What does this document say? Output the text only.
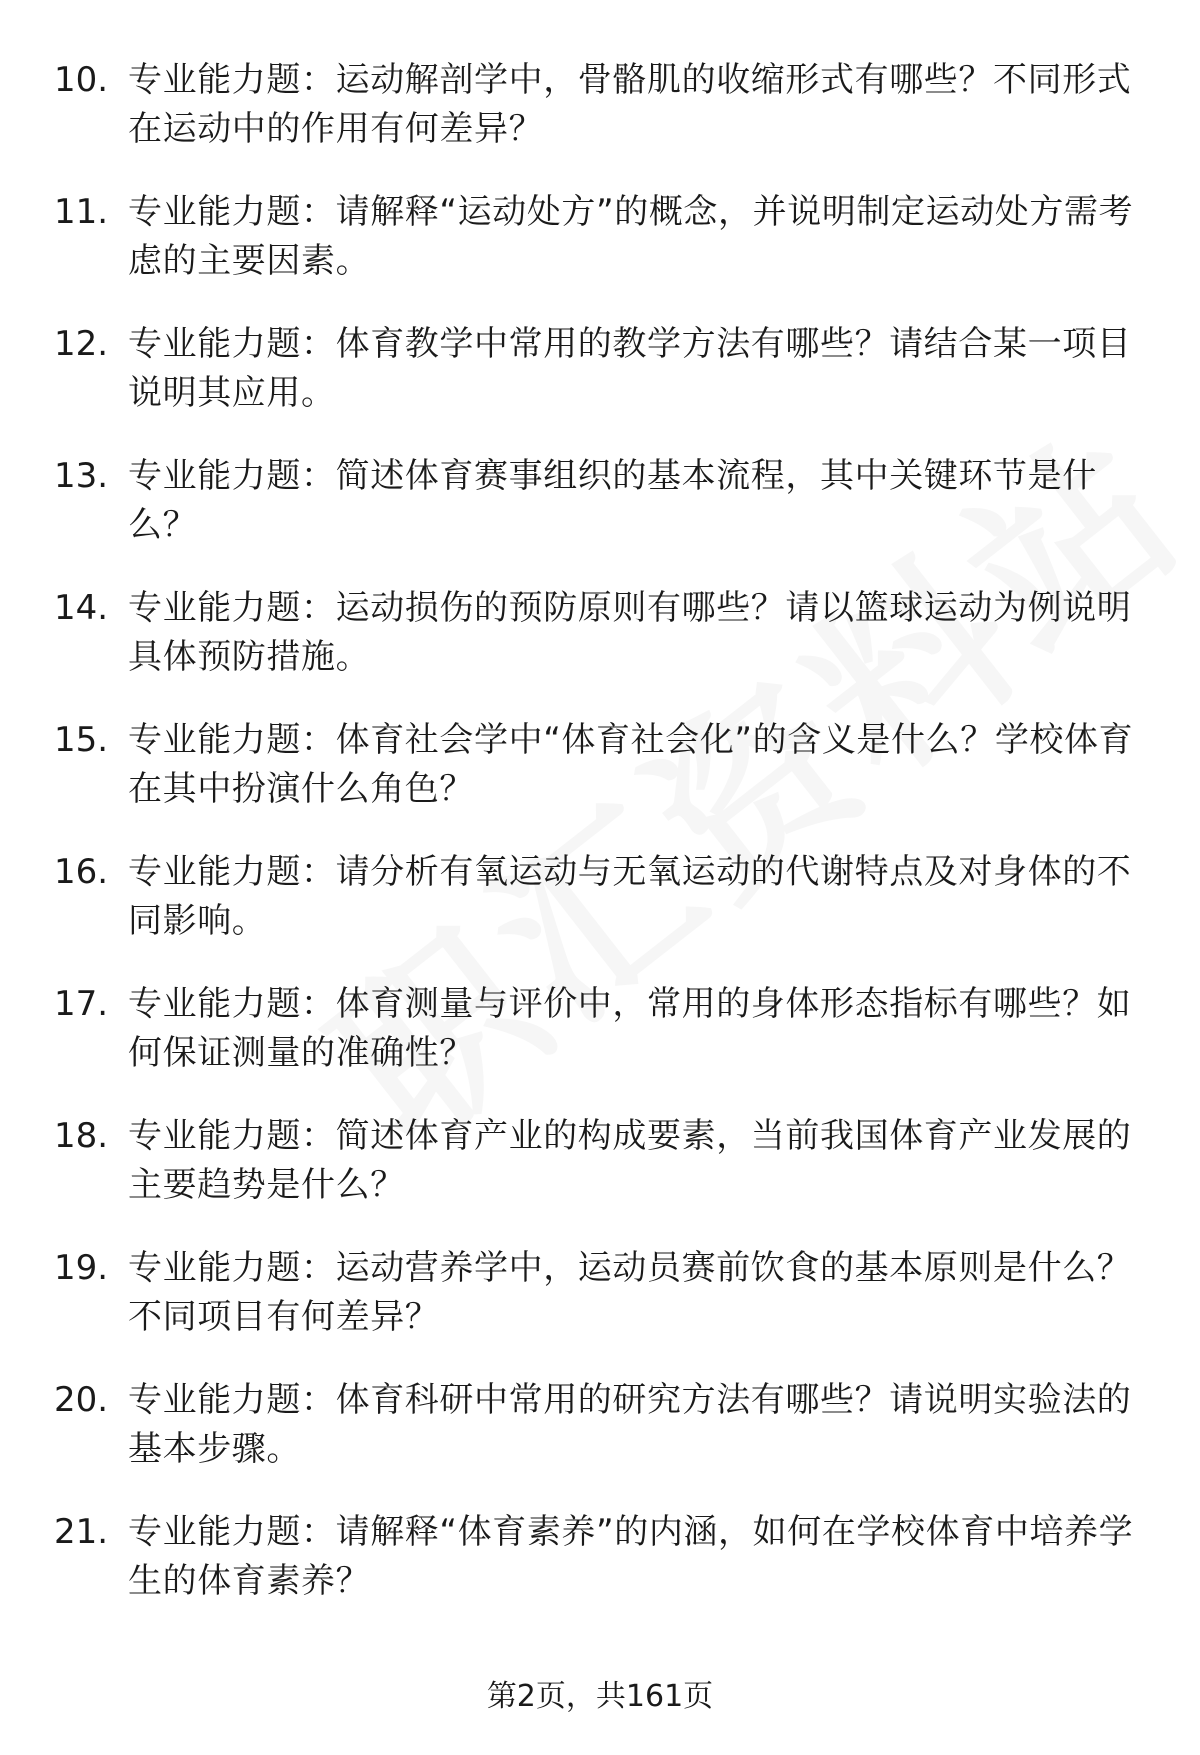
10. 专业能力题：运动解剖学中，骨骼肌的收缩形式有哪些？不同形式在运动中的作用有何差异？
11. 专业能力题：请解释“运动处方”的概念，并说明制定运动处方需考虑的主要因素。
12. 专业能力题：体育教学中常用的教学方法有哪些？请结合某一项目说明其应用。
13. 专业能力题：简述体育赛事组织的基本流程，其中关键环节是什么？
14. 专业能力题：运动损伤的预防原则有哪些？请以篮球运动为例说明具体预防措施。
15. 专业能力题：体育社会学中“体育社会化”的含义是什么？学校体育在其中扮演什么角色？
16. 专业能力题：请分析有氧运动与无氧运动的代谢特点及对身体的不同影响。
17. 专业能力题：体育测量与评价中，常用的身体形态指标有哪些？如何保证测量的准确性？
18. 专业能力题：简述体育产业的构成要素，当前我国体育产业发展的主要趋势是什么？
19. 专业能力题：运动营养学中，运动员赛前饮食的基本原则是什么？不同项目有何差异？
20. 专业能力题：体育科研中常用的研究方法有哪些？请说明实验法的基本步骤。
21. 专业能力题：请解释“体育素养”的内涵，如何在学校体育中培养学生的体育素养？
第2页，共161页
